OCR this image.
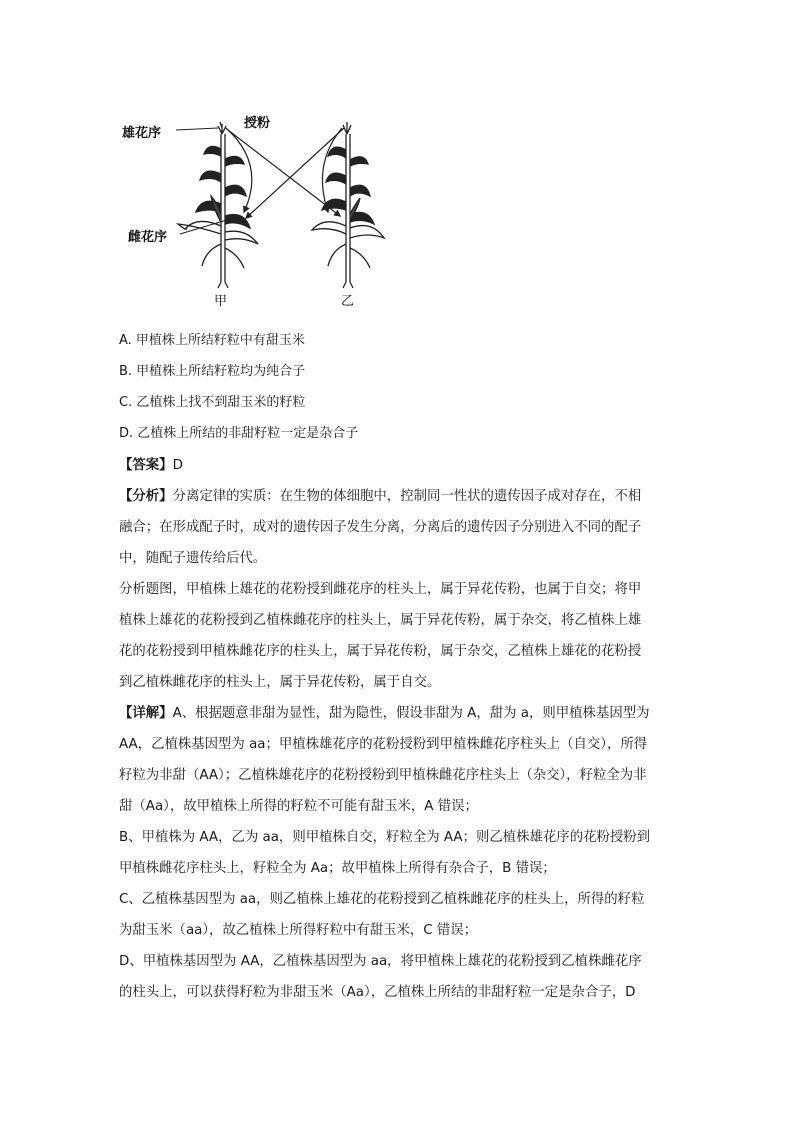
雄花序
授粉
雌花序
甲	乙
A. 甲植株上所结籽粒中有甜玉米
B. 甲植株上所结籽粒均为纯合子
C. 乙植株上找不到甜玉米的籽粒
D. 乙植株上所结的非甜籽粒一定是杂合子
【答案】D
【分析】分离定律的实质：在生物的体细胞中，控制同一性状的遗传因子成对存在，不相
融合；在形成配子时，成对的遗传因子发生分离，分离后的遗传因子分别进入不同的配子
中，随配子遗传给后代。
分析题图，甲植株上雄花的花粉授到雌花序的柱头上，属于异花传粉，也属于自交；将甲
植株上雄花的花粉授到乙植株雌花序的柱头上，属于异花传粉，属于杂交，将乙植株上雄
花的花粉授到甲植株雌花序的柱头上，属于异花传粉，属于杂交，乙植株上雄花的花粉授
到乙植株雌花序的柱头上，属于异花传粉，属于自交。
【详解】A、根据题意非甜为显性，甜为隐性，假设非甜为 A，甜为 a，则甲植株基因型为
AA，乙植株基因型为 aa；甲植株雄花序的花粉授粉到甲植株雌花序柱头上（自交），所得
籽粒为非甜（AA）；乙植株雄花序的花粉授粉到甲植株雌花序柱头上（杂交），籽粒全为非
甜（Aa），故甲植株上所得的籽粒不可能有甜玉米，A 错误；
B、甲植株为 AA，乙为 aa，则甲植株自交，籽粒全为 AA；则乙植株雄花序的花粉授粉到
甲植株雌花序柱头上，籽粒全为 Aa；故甲植株上所得有杂合子，B 错误；
C、乙植株基因型为 aa，则乙植株上雄花的花粉授到乙植株雌花序的柱头上，所得的籽粒
为甜玉米（aa），故乙植株上所得籽粒中有甜玉米，C 错误；
D、甲植株基因型为 AA，乙植株基因型为 aa，将甲植株上雄花的花粉授到乙植株雌花序
的柱头上，可以获得籽粒为非甜玉米（Aa），乙植株上所结的非甜籽粒一定是杂合子，D
